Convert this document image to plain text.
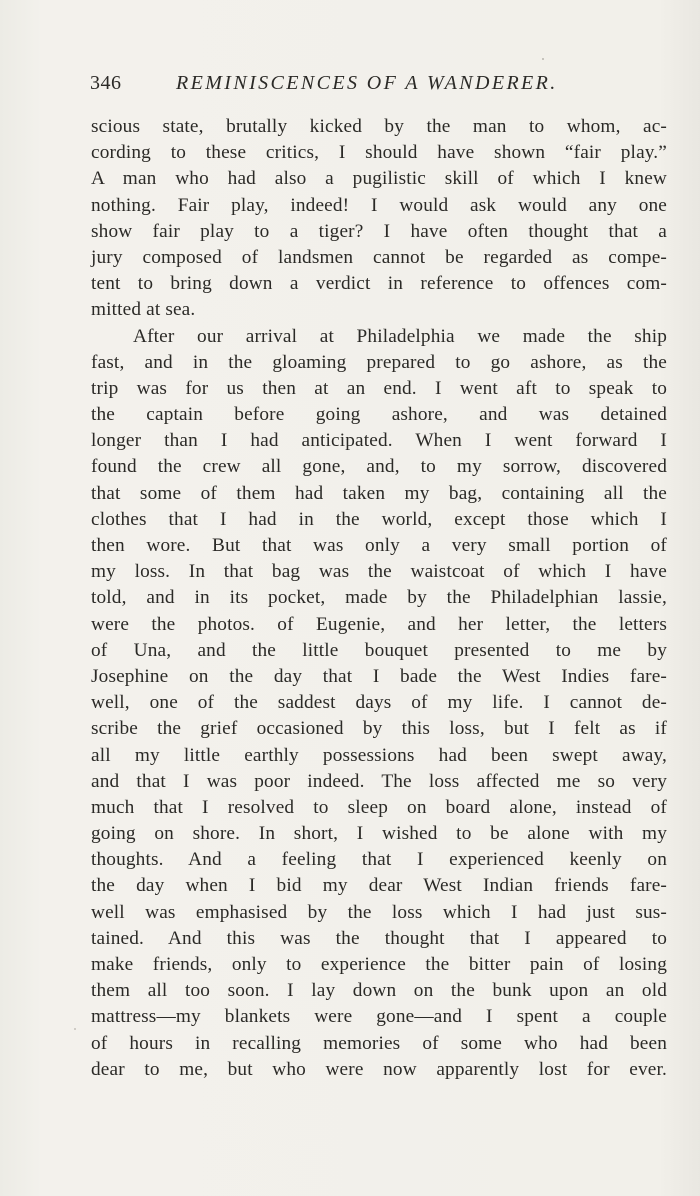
346	REMINISCENCES OF A WANDERER.
scious state, brutally kicked by the man to whom, ac-
cording to these critics, I should have shown “fair play.”
A man who had also a pugilistic skill of which I knew
nothing. Fair play, indeed! I would ask would any one
show fair play to a tiger? I have often thought that a
jury composed of landsmen cannot be regarded as compe-
tent to bring down a verdict in reference to offences com-
mitted at sea.
After our arrival at Philadelphia we made the ship
fast, and in the gloaming prepared to go ashore, as the
trip was for us then at an end. I went aft to speak to
the captain before going ashore, and was detained
longer than I had anticipated. When I went forward I
found the crew all gone, and, to my sorrow, discovered
that some of them had taken my bag, containing all the
clothes that I had in the world, except those which I
then wore. But that was only a very small portion of
my loss. In that bag was the waistcoat of which I have
told, and in its pocket, made by the Philadelphian lassie,
were the photos. of Eugenie, and her letter, the letters
of Una, and the little bouquet presented to me by
Josephine on the day that I bade the West Indies fare-
well, one of the saddest days of my life. I cannot de-
scribe the grief occasioned by this loss, but I felt as if
all my little earthly possessions had been swept away,
and that I was poor indeed. The loss affected me so very
much that I resolved to sleep on board alone, instead of
going on shore. In short, I wished to be alone with my
thoughts. And a feeling that I experienced keenly on
the day when I bid my dear West Indian friends fare-
well was emphasised by the loss which I had just sus-
tained. And this was the thought that I appeared to
make friends, only to experience the bitter pain of losing
them all too soon. I lay down on the bunk upon an old
mattress—my blankets were gone—and I spent a couple
of hours in recalling memories of some who had been
dear to me, but who were now apparently lost for ever.
